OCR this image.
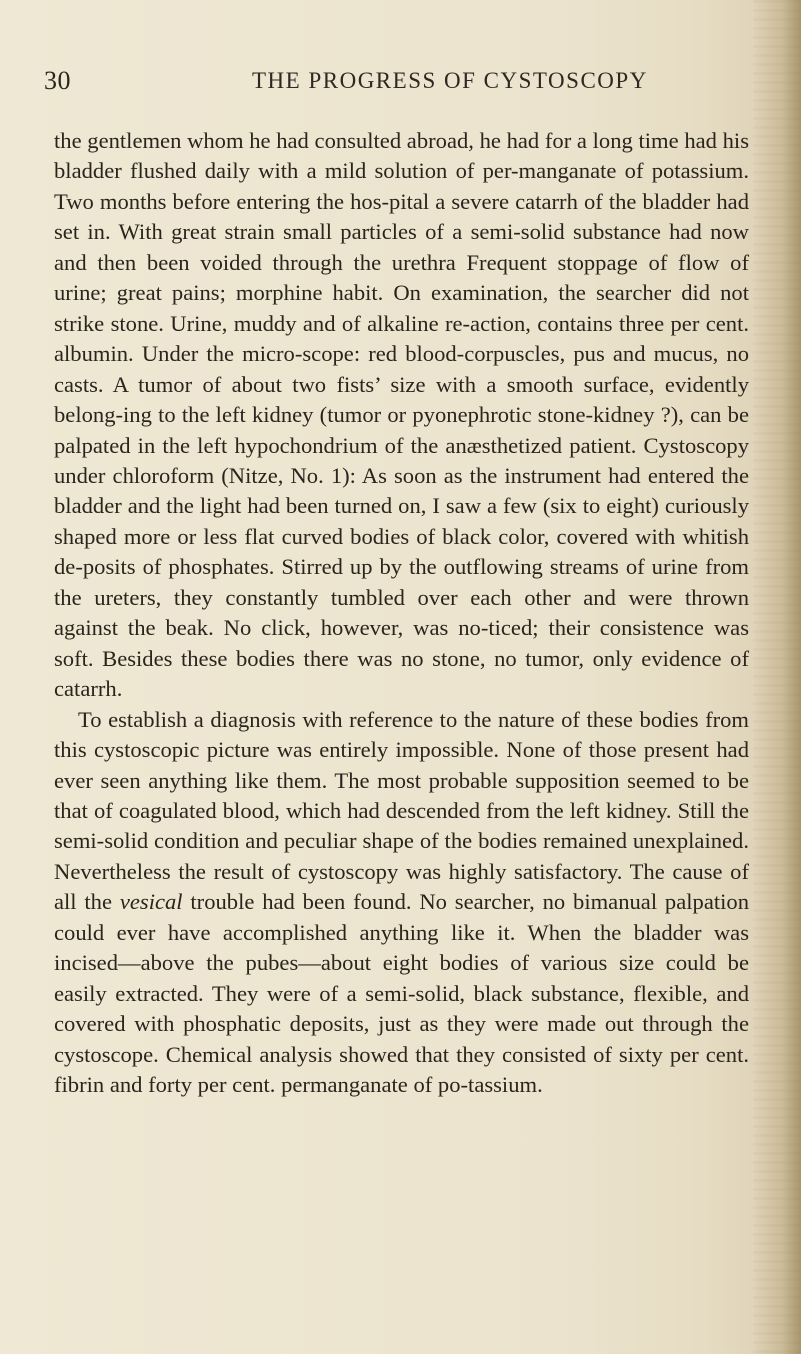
30	THE PROGRESS OF CYSTOSCOPY

the gentlemen whom he had consulted abroad, he had for a long time had his bladder flushed daily with a mild solution of per-manganate of potassium. Two months before entering the hos-pital a severe catarrh of the bladder had set in. With great strain small particles of a semi-solid substance had now and then been voided through the urethra Frequent stoppage of flow of urine; great pains; morphine habit. On examination, the searcher did not strike stone. Urine, muddy and of alkaline re-action, contains three per cent. albumin. Under the micro-scope: red blood-corpuscles, pus and mucus, no casts. A tumor of about two fists’ size with a smooth surface, evidently belong-ing to the left kidney (tumor or pyonephrotic stone-kidney ?), can be palpated in the left hypochondrium of the anæsthetized patient. Cystoscopy under chloroform (Nitze, No. 1): As soon as the instrument had entered the bladder and the light had been turned on, I saw a few (six to eight) curiously shaped more or less flat curved bodies of black color, covered with whitish de-posits of phosphates. Stirred up by the outflowing streams of urine from the ureters, they constantly tumbled over each other and were thrown against the beak. No click, however, was no-ticed; their consistence was soft. Besides these bodies there was no stone, no tumor, only evidence of catarrh.

To establish a diagnosis with reference to the nature of these bodies from this cystoscopic picture was entirely impossible. None of those present had ever seen anything like them. The most probable supposition seemed to be that of coagulated blood, which had descended from the left kidney. Still the semi-solid condition and peculiar shape of the bodies remained unexplained. Nevertheless the result of cystoscopy was highly satisfactory. The cause of all the vesical trouble had been found. No searcher, no bimanual palpation could ever have accomplished anything like it. When the bladder was incised—above the pubes—about eight bodies of various size could be easily extracted. They were of a semi-solid, black substance, flexible, and covered with phosphatic deposits, just as they were made out through the cystoscope. Chemical analysis showed that they consisted of sixty per cent. fibrin and forty per cent. permanganate of po-tassium.
